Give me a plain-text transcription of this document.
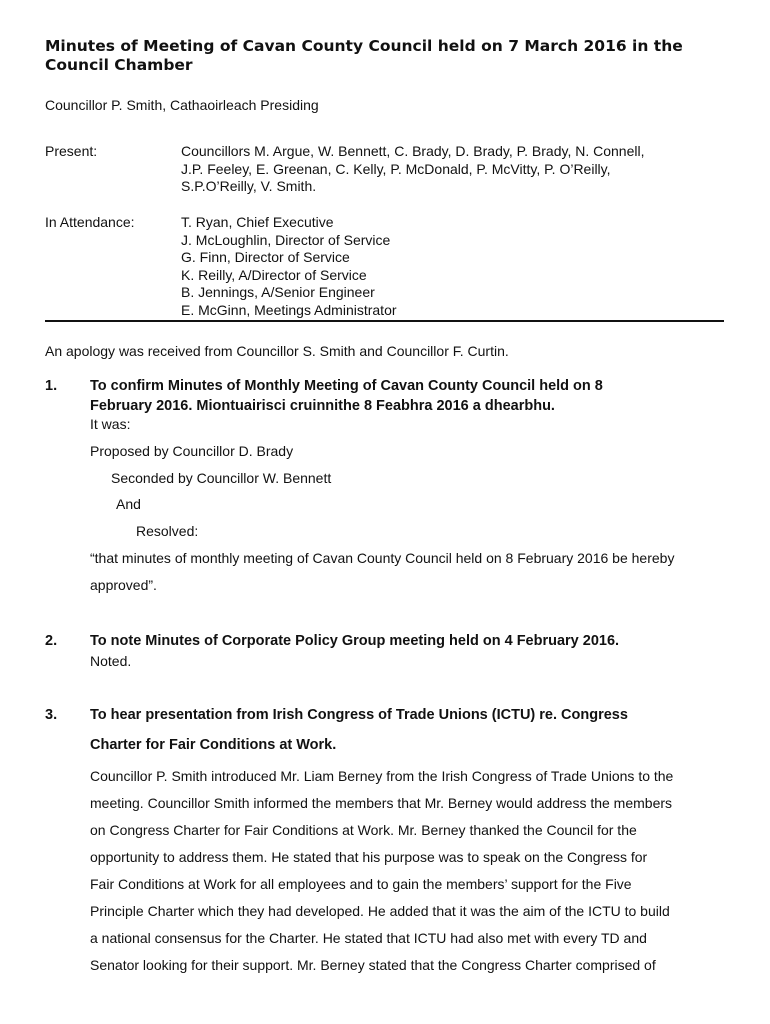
Minutes of Meeting of Cavan County Council held on 7 March 2016 in the Council Chamber
Councillor P. Smith, Cathaoirleach Presiding
Present:	Councillors M. Argue, W. Bennett, C. Brady, D. Brady, P. Brady, N. Connell,
J.P. Feeley, E. Greenan, C. Kelly, P. McDonald, P. McVitty, P. O’Reilly,
S.P.O’Reilly, V. Smith.
In Attendance:	T. Ryan, Chief Executive
J. McLoughlin, Director of Service
G. Finn, Director of Service
K. Reilly, A/Director of Service
B. Jennings, A/Senior Engineer
E. McGinn, Meetings Administrator
An apology was received from Councillor S. Smith and Councillor F. Curtin.
1. To confirm Minutes of Monthly Meeting of Cavan County Council held on 8
February 2016. Miontuairisci cruinnithe 8 Feabhra 2016 a dhearbhu.
It was:
Proposed by Councillor D. Brady
Seconded by Councillor W. Bennett
And
Resolved:
“that minutes of monthly meeting of Cavan County Council held on 8 February 2016 be hereby
approved”.
2. To note Minutes of Corporate Policy Group meeting held on 4 February 2016.
Noted.
3. To hear presentation from Irish Congress of Trade Unions (ICTU) re. Congress
Charter for Fair Conditions at Work.
Councillor P. Smith introduced Mr. Liam Berney from the Irish Congress of Trade Unions to the
meeting. Councillor Smith informed the members that Mr. Berney would address the members
on Congress Charter for Fair Conditions at Work. Mr. Berney thanked the Council for the
opportunity to address them. He stated that his purpose was to speak on the Congress for
Fair Conditions at Work for all employees and to gain the members’ support for the Five
Principle Charter which they had developed. He added that it was the aim of the ICTU to build
a national consensus for the Charter. He stated that ICTU had also met with every TD and
Senator looking for their support. Mr. Berney stated that the Congress Charter comprised of
